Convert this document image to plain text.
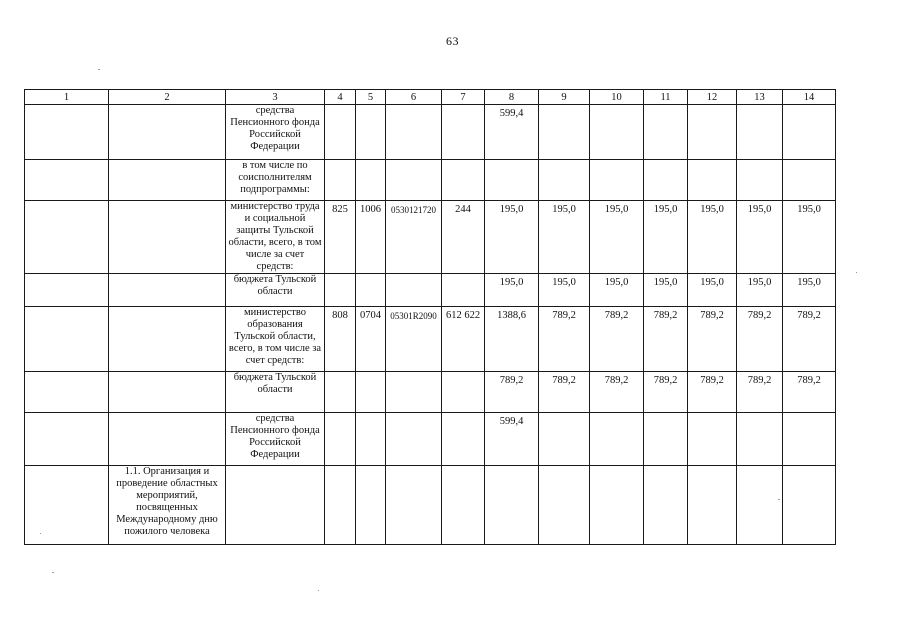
63
1	2	3	4	5	6	7	8	9	10	11	12	13	14
		средства Пенсионного фонда Российской Федерации					599,4						
		в том числе по соисполнителям подпрограммы:											
		министерство труда и социальной защиты Тульской области, всего, в том числе за счет средств:	825	1006	0530121720	244	195,0	195,0	195,0	195,0	195,0	195,0	195,0
		бюджета Тульской области					195,0	195,0	195,0	195,0	195,0	195,0	195,0
		министерство образования Тульской области, всего, в том числе за счет средств:	808	0704	05301R2090	612 622	1388,6	789,2	789,2	789,2	789,2	789,2	789,2
		бюджета Тульской области					789,2	789,2	789,2	789,2	789,2	789,2	789,2
		средства Пенсионного фонда Российской Федерации					599,4						
	1.1. Организация и проведение областных мероприятий, посвященных Международному дню пожилого человека												
